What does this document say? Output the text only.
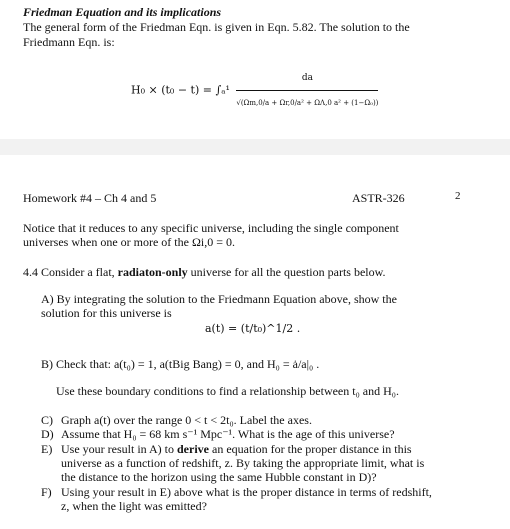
Friedman Equation and its implications
The general form of the Friedman Eqn. is given in Eqn. 5.82. The solution to the
Friedmann Eqn. is:
$H_0 \times (t_0 - t) = \int_a^1 \frac{da}{\text{√(Ωm,0/a + Ωr,0/a² + ΩΛ,0 a² + (1−Ω₀))}}$
Homework #4 – Ch 4 and 5	ASTR-326	2
Notice that it reduces to any specific universe, including the single component
universes when one or more of the Ωi,0 = 0.
4.4 Consider a flat, radiaton-only universe for all the question parts below.
A) By integrating the solution to the Friedmann Equation above, show the
solution for this universe is
a(t) = (t/t₀)^1/2 .
B) Check that: a(t₀) = 1, a(tBig Bang) = 0, and H₀ = ȧ/a|₀ .
Use these boundary conditions to find a relationship between t₀ and H₀.
C) Graph a(t) over the range 0 < t < 2t₀. Label the axes.
D) Assume that H₀ = 68 km s⁻¹ Mpc⁻¹. What is the age of this universe?
E) Use your result in A) to derive an equation for the proper distance in this
universe as a function of redshift, z. By taking the appropriate limit, what is
the distance to the horizon using the same Hubble constant in D)?
F) Using your result in E) above what is the proper distance in terms of redshift,
z, when the light was emitted?
